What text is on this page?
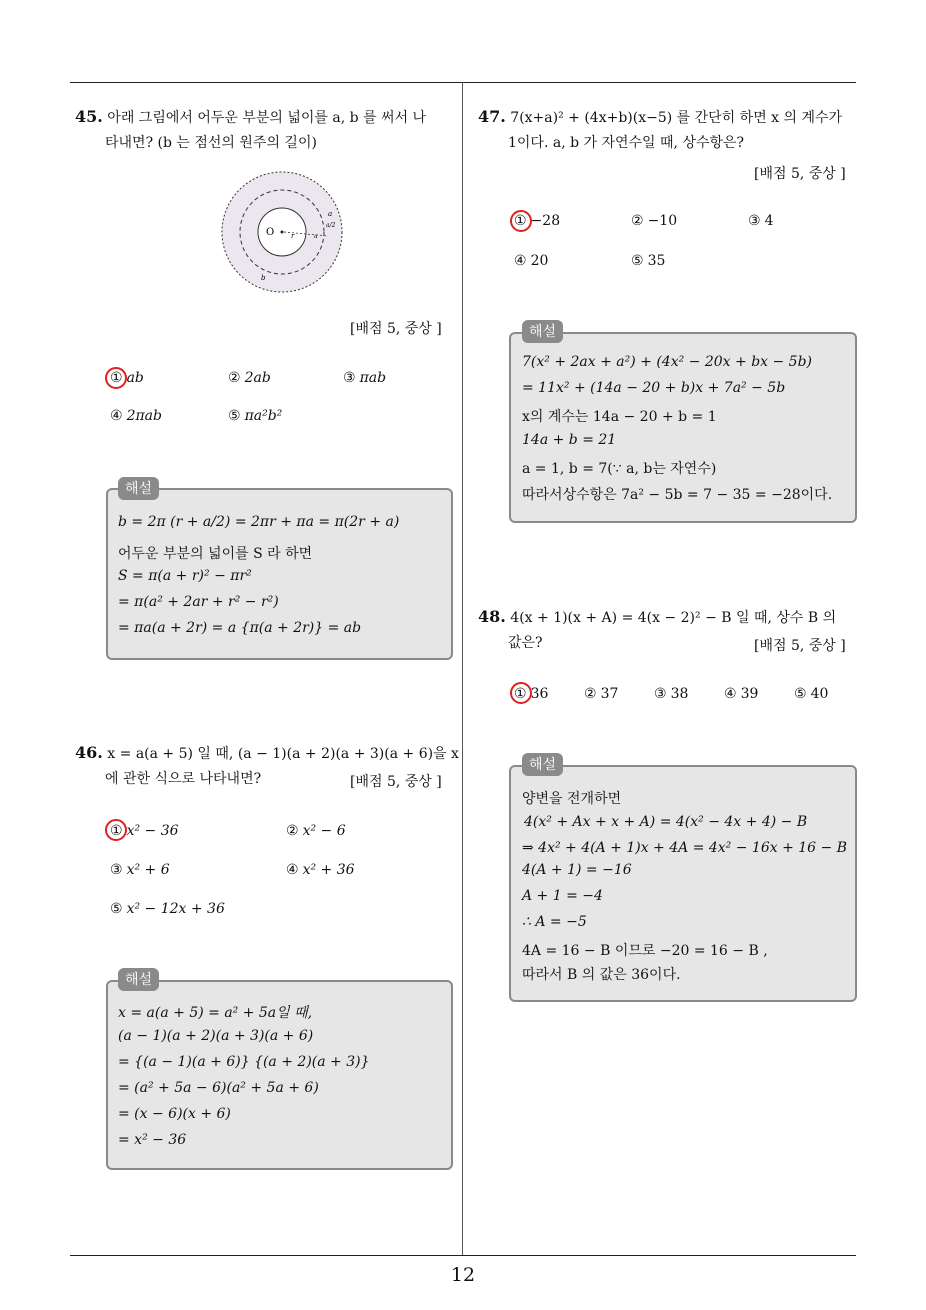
12
45. 아래 그림에서 어두운 부분의 넓이를 a, b 를 써서 나
타내면? (b 는 점선의 원주의 길이)
O r
a
a/2
a
b
[배점 5, 중상 ]
① ab	② 2ab	③ πab
④ 2πab	⑤ πa²b²
해설
b = 2π (r + a/2) = 2πr + πa = π(2r + a)
어두운 부분의 넓이를 S 라 하면
S = π(a + r)² − πr²
= π(a² + 2ar + r² − r²)
= πa(a + 2r) = a {π(a + 2r)} = ab
46. x = a(a + 5) 일 때, (a − 1)(a + 2)(a + 3)(a + 6)을 x
에 관한 식으로 나타내면?	[배점 5, 중상 ]
① x² − 36	② x² − 6
③ x² + 6	④ x² + 36
⑤ x² − 12x + 36
해설
x = a(a + 5) = a² + 5a일 때,
(a − 1)(a + 2)(a + 3)(a + 6)
= {(a − 1)(a + 6)} {(a + 2)(a + 3)}
= (a² + 5a − 6)(a² + 5a + 6)
= (x − 6)(x + 6)
= x² − 36
47. 7(x+a)² + (4x+b)(x−5) 를 간단히 하면 x 의 계수가
1이다. a, b 가 자연수일 때, 상수항은?
[배점 5, 중상 ]
① −28	② −10	③ 4
④ 20	⑤ 35
해설
7(x² + 2ax + a²) + (4x² − 20x + bx − 5b)
= 11x² + (14a − 20 + b)x + 7a² − 5b
x의 계수는 14a − 20 + b = 1
14a + b = 21
a = 1, b = 7(∵ a, b는 자연수)
따라서상수항은 7a² − 5b = 7 − 35 = −28이다.
48. 4(x + 1)(x + A) = 4(x − 2)² − B 일 때, 상수 B 의
값은?	[배점 5, 중상 ]
① 36	② 37	③ 38	④ 39	⑤ 40
해설
양변을 전개하면
4(x² + Ax + x + A) = 4(x² − 4x + 4) − B
⇒ 4x² + 4(A + 1)x + 4A = 4x² − 16x + 16 − B
4(A + 1) = −16
A + 1 = −4
∴ A = −5
4A = 16 − B 이므로 −20 = 16 − B ,
따라서 B 의 값은 36이다.
